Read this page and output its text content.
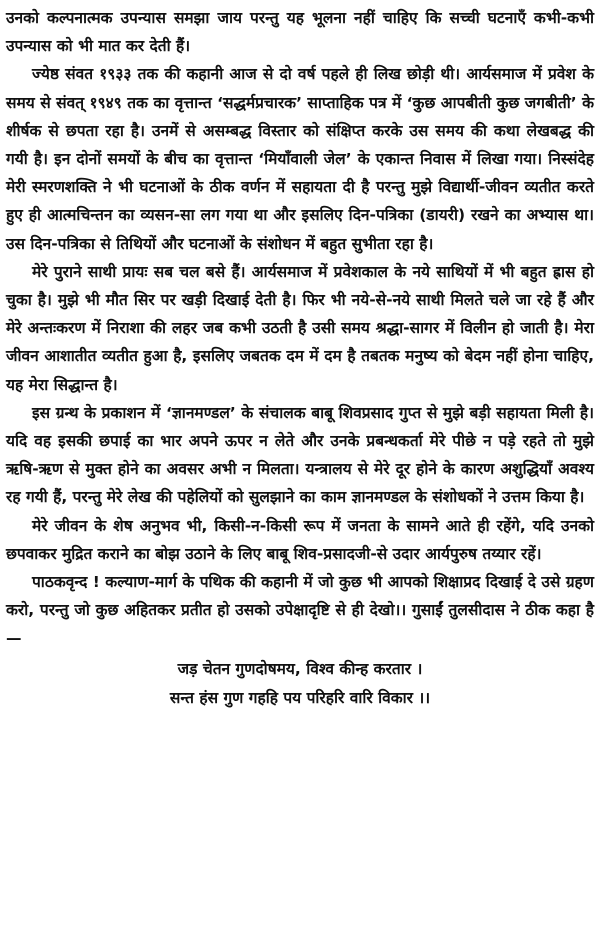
उनको कल्पनात्मक उपन्यास समझा जाय परन्तु यह भूलना नहीं चाहिए कि सच्ची घटनाएँ कभी-कभी उपन्यास को भी मात कर देती हैं।

ज्येष्ठ संवत १९३३ तक की कहानी आज से दो वर्ष पहले ही लिख छोड़ी थी। आर्यसमाज में प्रवेश के समय से संवत् १९४९ तक का वृत्तान्त ‘सद्धर्मप्रचारक’ साप्ताहिक पत्र में ‘कुछ आपबीती कुछ जगबीती’ के शीर्षक से छपता रहा है। उनमें से असम्बद्ध विस्तार को संक्षिप्त करके उस समय की कथा लेखबद्ध की गयी है। इन दोनों समयों के बीच का वृत्तान्त ‘मियाँवाली जेल’ के एकान्त निवास में लिखा गया। निस्संदेह मेरी स्मरणशक्ति ने भी घटनाओं के ठीक वर्णन में सहायता दी है परन्तु मुझे विद्यार्थी-जीवन व्यतीत करते हुए ही आत्मचिन्तन का व्यसन-सा लग गया था और इसलिए दिन-पत्रिका (डायरी) रखने का अभ्यास था। उस दिन-पत्रिका से तिथियों और घटनाओं के संशोधन में बहुत सुभीता रहा है।

मेरे पुराने साथी प्रायः सब चल बसे हैं। आर्यसमाज में प्रवेशकाल के नये साथियों में भी बहुत ह्रास हो चुका है। मुझे भी मौत सिर पर खड़ी दिखाई देती है। फिर भी नये-से-नये साथी मिलते चले जा रहे हैं और मेरे अन्तःकरण में निराशा की लहर जब कभी उठती है उसी समय श्रद्धा-सागर में विलीन हो जाती है। मेरा जीवन आशातीत व्यतीत हुआ है, इसलिए जबतक दम में दम है तबतक मनुष्य को बेदम नहीं होना चाहिए, यह मेरा सिद्धान्त है।

इस ग्रन्थ के प्रकाशन में ‘ज्ञानमण्डल’ के संचालक बाबू शिवप्रसाद गुप्त से मुझे बड़ी सहायता मिली है। यदि वह इसकी छपाई का भार अपने ऊपर न लेते और उनके प्रबन्धकर्ता मेरे पीछे न पड़े रहते तो मुझे ऋषि-ऋण से मुक्त होने का अवसर अभी न मिलता। यन्त्रालय से मेरे दूर होने के कारण अशुद्धियाँ अवश्य रह गयी हैं, परन्तु मेरे लेख की पहेलियों को सुलझाने का काम ज्ञानमण्डल के संशोधकों ने उत्तम किया है।

मेरे जीवन के शेष अनुभव भी, किसी-न-किसी रूप में जनता के सामने आते ही रहेंगे, यदि उनको छपवाकर मुद्रित कराने का बोझ उठाने के लिए बाबू शिव-प्रसादजी-से उदार आर्यपुरुष तय्यार रहें।

पाठकवृन्द ! कल्याण-मार्ग के पथिक की कहानी में जो कुछ भी आपको शिक्षाप्रद दिखाई दे उसे ग्रहण करो, परन्तु जो कुछ अहितकर प्रतीत हो उसको उपेक्षादृष्टि से ही देखो।। गुसाईं तुलसीदास ने ठीक कहा है—

जड़ चेतन गुणदोषमय, विश्व कीन्ह करतार ।
सन्त हंस गुण गहहि पय परिहरि वारि विकार ।।
